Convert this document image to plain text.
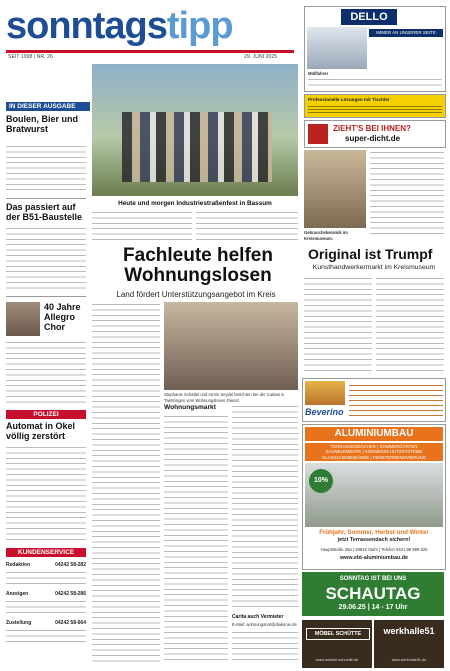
sonntagstipp
SEIT 1998 | NR. 26	29. JUNI 2025
DELLO
IMMER AN UNSERER SEITE
Müllfahrer
Professionelle Lösungen mit Tischler
ZIEHT'S BEI IHNEN?
super-dicht.de
IN DIESER AUSGABE
Boulen, Bier und Bratwurst
Das passiert auf der B51-Baustelle
40 Jahre Allegro Chor
POLIZEI
Automat in Okel völlig zerstört
KUNDENSERVICE
Redaktion	04242 58-282
Anzeigen	04242 58-286
Zustellung	04242 58-664
Heute und morgen Industriestraßenfest in Bassum
Gebrauchskeramik im Kreismuseum.
Original ist Trumpf
Kunsthandwerkermarkt im Kreismuseum
Fachleute helfen Wohnungslosen
Land fördert Unterstützungsangebot im Kreis
Stephanie Schädel und Armin Seydel berichten bei der Caritas in Twistringen vom Wohnungslosen-Dienst.
Wohnungsmarkt
Carita auch Vermieter
E-Mail: wohnungsnot@diakonie.de
Beverino
ALUMINIUMBAU
TERRASSENDÄCHER | SOMMERGÄRTEN
ZAUNELEMENTE | SONNENSCHUTZSYSTEME
GLASSCHIEBEWÄNDE | FENSTERRENOVIERUNG
10%
Frühjahr, Sommer, Herbst und Winter
jetzt Terrassendach sichern!
Hauptstraße 25a | 28816 Stuhr | Telefon 0421 98 999 620
www.ebt-aluminiumbau.de
SONNTAG IST BEI UNS
SCHAUTAG
29.06.25 | 14 - 17 Uhr
MÖBEL SCHÜTTE
www.moebel-schuette.de
werkhalle51
www.werkhalle51.de
